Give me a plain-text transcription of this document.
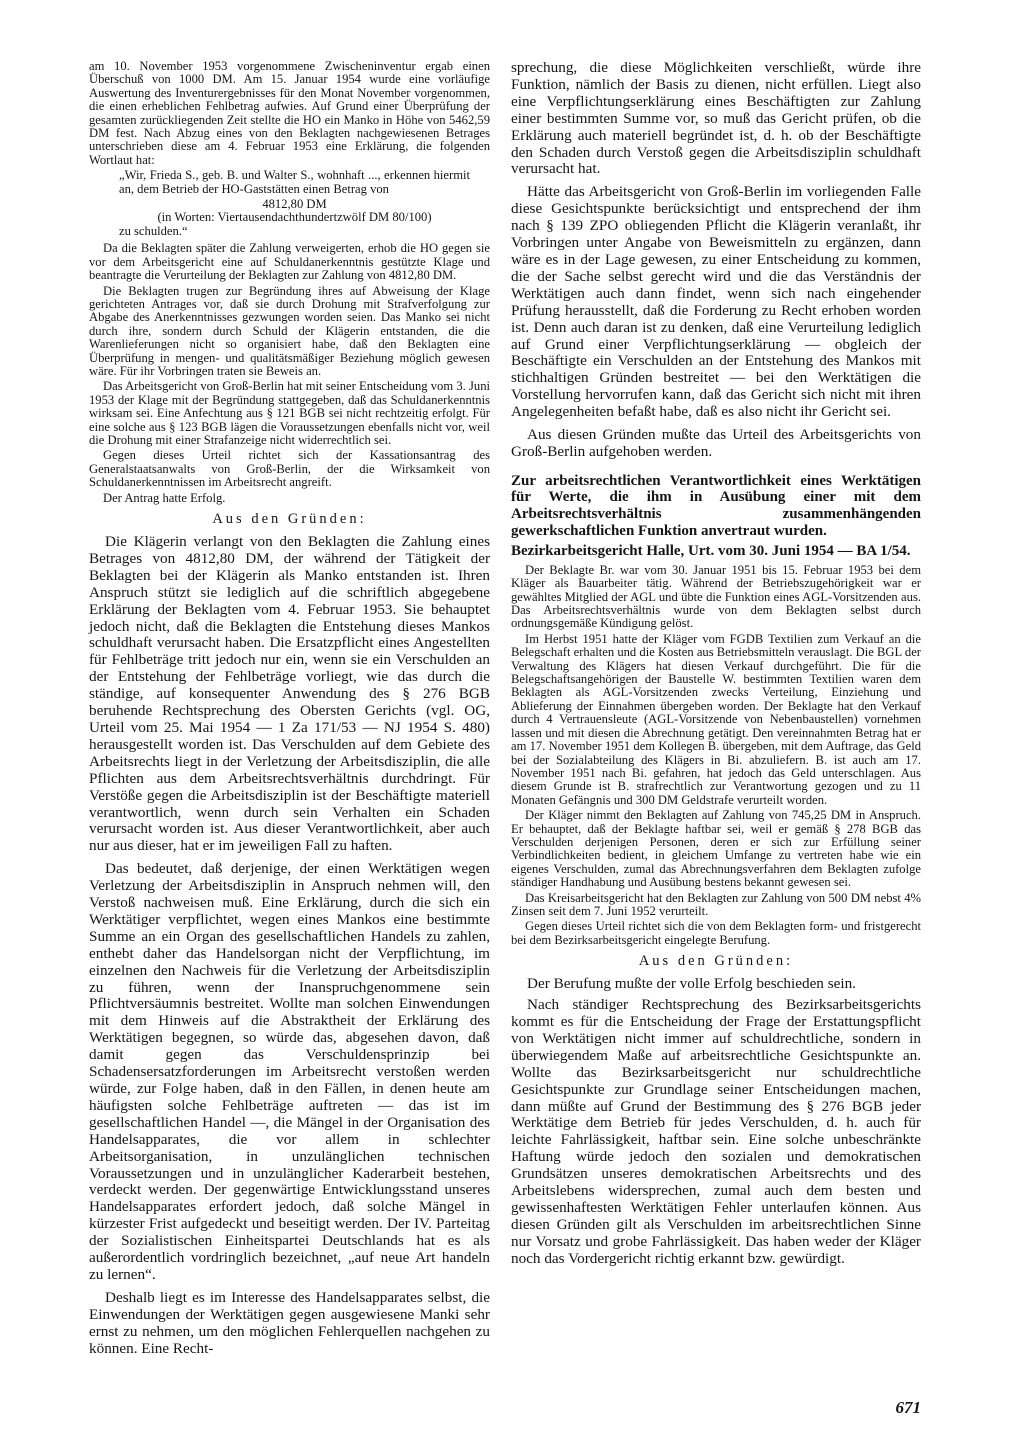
am 10. November 1953 vorgenommene Zwischeninventur ergab einen Überschuß von 1000 DM. Am 15. Januar 1954 wurde eine vorläufige Auswertung des Inventurergebnisses für den Monat November vorgenommen, die einen erheblichen Fehlbetrag aufwies. Auf Grund einer Überprüfung der gesamten zurückliegenden Zeit stellte die HO ein Manko in Höhe von 5462,59 DM fest. Nach Abzug eines von den Beklagten nachgewiesenen Betrages unterschrieben diese am 4. Februar 1953 eine Erklärung, die folgenden Wortlaut hat:

„Wir, Frieda S., geb. B. und Walter S., wohnhaft ..., erkennen hiermit an, dem Betrieb der HO-Gaststätten einen Betrag von
4812,80 DM
(in Worten: Viertausendachthundertzwölf DM 80/100)
zu schulden.“

Da die Beklagten später die Zahlung verweigerten, erhob die HO gegen sie vor dem Arbeitsgericht eine auf Schuldanerkenntnis gestützte Klage und beantragte die Verurteilung der Beklagten zur Zahlung von 4812,80 DM.

Die Beklagten trugen zur Begründung ihres auf Abweisung der Klage gerichteten Antrages vor, daß sie durch Drohung mit Strafverfolgung zur Abgabe des Anerkenntnisses gezwungen worden seien. Das Manko sei nicht durch ihre, sondern durch Schuld der Klägerin entstanden, die die Warenlieferungen nicht so organisiert habe, daß den Beklagten eine Überprüfung in mengen- und qualitätsmäßiger Beziehung möglich gewesen wäre. Für ihr Vorbringen traten sie Beweis an.

Das Arbeitsgericht von Groß-Berlin hat mit seiner Entscheidung vom 3. Juni 1953 der Klage mit der Begründung stattgegeben, daß das Schuldanerkenntnis wirksam sei. Eine Anfechtung aus § 121 BGB sei nicht rechtzeitig erfolgt. Für eine solche aus § 123 BGB lägen die Voraussetzungen ebenfalls nicht vor, weil die Drohung mit einer Strafanzeige nicht widerrechtlich sei.

Gegen dieses Urteil richtet sich der Kassationsantrag des Generalstaatsanwalts von Groß-Berlin, der die Wirksamkeit von Schuldanerkenntnissen im Arbeitsrecht angreift.

Der Antrag hatte Erfolg.

Aus den Gründen:

Die Klägerin verlangt von den Beklagten die Zahlung eines Betrages von 4812,80 DM, der während der Tätigkeit der Beklagten bei der Klägerin als Manko entstanden ist. Ihren Anspruch stützt sie lediglich auf die schriftlich abgegebene Erklärung der Beklagten vom 4. Februar 1953. Sie behauptet jedoch nicht, daß die Beklagten die Entstehung dieses Mankos schuldhaft verursacht haben. Die Ersatzpflicht eines Angestellten für Fehlbeträge tritt jedoch nur ein, wenn sie ein Verschulden an der Entstehung der Fehlbeträge vorliegt, wie das durch die ständige, auf konsequenter Anwendung des § 276 BGB beruhende Rechtsprechung des Obersten Gerichts (vgl. OG, Urteil vom 25. Mai 1954 — 1 Za 171/53 — NJ 1954 S. 480) herausgestellt worden ist. Das Verschulden auf dem Gebiete des Arbeitsrechts liegt in der Verletzung der Arbeitsdisziplin, die alle Pflichten aus dem Arbeitsrechtsverhältnis durchdringt. Für Verstöße gegen die Arbeitsdisziplin ist der Beschäftigte materiell verantwortlich, wenn durch sein Verhalten ein Schaden verursacht worden ist. Aus dieser Verantwortlichkeit, aber auch nur aus dieser, hat er im jeweiligen Fall zu haften.

Das bedeutet, daß derjenige, der einen Werktätigen wegen Verletzung der Arbeitsdisziplin in Anspruch nehmen will, den Verstoß nachweisen muß. Eine Erklärung, durch die sich ein Werktätiger verpflichtet, wegen eines Mankos eine bestimmte Summe an ein Organ des gesellschaftlichen Handels zu zahlen, enthebt daher das Handelsorgan nicht der Verpflichtung, im einzelnen den Nachweis für die Verletzung der Arbeitsdisziplin zu führen, wenn der Inanspruchgenommene sein Pflichtversäumnis bestreitet. Wollte man solchen Einwendungen mit dem Hinweis auf die Abstraktheit der Erklärung des Werktätigen begegnen, so würde das, abgesehen davon, daß damit gegen das Verschuldensprinzip bei Schadensersatzforderungen im Arbeitsrecht verstoßen werden würde, zur Folge haben, daß in den Fällen, in denen heute am häufigsten solche Fehlbeträge auftreten — das ist im gesellschaftlichen Handel —, die Mängel in der Organisation des Handelsapparates, die vor allem in schlechter Arbeitsorganisation, in unzulänglichen technischen Voraussetzungen und in unzulänglicher Kaderarbeit bestehen, verdeckt werden. Der gegenwärtige Entwicklungsstand unseres Handelsapparates erfordert jedoch, daß solche Mängel in kürzester Frist aufgedeckt und beseitigt werden. Der IV. Parteitag der Sozialistischen Einheitspartei Deutschlands hat es als außerordentlich vordringlich bezeichnet, „auf neue Art handeln zu lernen“.

Deshalb liegt es im Interesse des Handelsapparates selbst, die Einwendungen der Werktätigen gegen ausgewiesene Manki sehr ernst zu nehmen, um den möglichen Fehlerquellen nachgehen zu können. Eine Recht-

sprechung, die diese Möglichkeiten verschließt, würde ihre Funktion, nämlich der Basis zu dienen, nicht erfüllen. Liegt also eine Verpflichtungserklärung eines Beschäftigten zur Zahlung einer bestimmten Summe vor, so muß das Gericht prüfen, ob die Erklärung auch materiell begründet ist, d. h. ob der Beschäftigte den Schaden durch Verstoß gegen die Arbeitsdisziplin schuldhaft verursacht hat.

Hätte das Arbeitsgericht von Groß-Berlin im vorliegenden Falle diese Gesichtspunkte berücksichtigt und entsprechend der ihm nach § 139 ZPO obliegenden Pflicht die Klägerin veranlaßt, ihr Vorbringen unter Angabe von Beweismitteln zu ergänzen, dann wäre es in der Lage gewesen, zu einer Entscheidung zu kommen, die der Sache selbst gerecht wird und die das Verständnis der Werktätigen auch dann findet, wenn sich nach eingehender Prüfung herausstellt, daß die Forderung zu Recht erhoben worden ist. Denn auch daran ist zu denken, daß eine Verurteilung lediglich auf Grund einer Verpflichtungserklärung — obgleich der Beschäftigte ein Verschulden an der Entstehung des Mankos mit stichhaltigen Gründen bestreitet — bei den Werktätigen die Vorstellung hervorrufen kann, daß das Gericht sich nicht mit ihren Angelegenheiten befaßt habe, daß es also nicht ihr Gericht sei.

Aus diesen Gründen mußte das Urteil des Arbeitsgerichts von Groß-Berlin aufgehoben werden.

Zur arbeitsrechtlichen Verantwortlichkeit eines Werktätigen für Werte, die ihm in Ausübung einer mit dem Arbeitsrechtsverhältnis zusammenhängenden gewerkschaftlichen Funktion anvertraut wurden.
Bezirkarbeitsgericht Halle, Urt. vom 30. Juni 1954 — BA 1/54.

Der Beklagte Br. war vom 30. Januar 1951 bis 15. Februar 1953 bei dem Kläger als Bauarbeiter tätig. Während der Betriebszugehörigkeit war er gewähltes Mitglied der AGL und übte die Funktion eines AGL-Vorsitzenden aus. Das Arbeitsrechtsverhältnis wurde von dem Beklagten selbst durch ordnungsgemäße Kündigung gelöst.

Im Herbst 1951 hatte der Kläger vom FGDB Textilien zum Verkauf an die Belegschaft erhalten und die Kosten aus Betriebsmitteln verauslagt. Die BGL der Verwaltung des Klägers hat diesen Verkauf durchgeführt. Die für die Belegschaftsangehörigen der Baustelle W. bestimmten Textilien waren dem Beklagten als AGL-Vorsitzenden zwecks Verteilung, Einziehung und Ablieferung der Einnahmen übergeben worden. Der Beklagte hat den Verkauf durch 4 Vertrauensleute (AGL-Vorsitzende von Nebenbaustellen) vornehmen lassen und mit diesen die Abrechnung getätigt. Den vereinnahmten Betrag hat er am 17. November 1951 dem Kollegen B. übergeben, mit dem Auftrage, das Geld bei der Sozialabteilung des Klägers in Bi. abzuliefern. B. ist auch am 17. November 1951 nach Bi. gefahren, hat jedoch das Geld unterschlagen. Aus diesem Grunde ist B. strafrechtlich zur Verantwortung gezogen und zu 11 Monaten Gefängnis und 300 DM Geldstrafe verurteilt worden.

Der Kläger nimmt den Beklagten auf Zahlung von 745,25 DM in Anspruch. Er behauptet, daß der Beklagte haftbar sei, weil er gemäß § 278 BGB das Verschulden derjenigen Personen, deren er sich zur Erfüllung seiner Verbindlichkeiten bedient, in gleichem Umfange zu vertreten habe wie ein eigenes Verschulden, zumal das Abrechnungsverfahren dem Beklagten zufolge ständiger Handhabung und Ausübung bestens bekannt gewesen sei.

Das Kreisarbeitsgericht hat den Beklagten zur Zahlung von 500 DM nebst 4% Zinsen seit dem 7. Juni 1952 verurteilt.

Gegen dieses Urteil richtet sich die von dem Beklagten form- und fristgerecht bei dem Bezirksarbeitsgericht eingelegte Berufung.

Aus den Gründen:

Der Berufung mußte der volle Erfolg beschieden sein.

Nach ständiger Rechtsprechung des Bezirksarbeitsgerichts kommt es für die Entscheidung der Frage der Erstattungspflicht von Werktätigen nicht immer auf schuldrechtliche, sondern in überwiegendem Maße auf arbeitsrechtliche Gesichtspunkte an. Wollte das Bezirksarbeitsgericht nur schuldrechtliche Gesichtspunkte zur Grundlage seiner Entscheidungen machen, dann müßte auf Grund der Bestimmung des § 276 BGB jeder Werktätige dem Betrieb für jedes Verschulden, d. h. auch für leichte Fahrlässigkeit, haftbar sein. Eine solche unbeschränkte Haftung würde jedoch den sozialen und demokratischen Grundsätzen unseres demokratischen Arbeitsrechts und des Arbeitslebens widersprechen, zumal auch dem besten und gewissenhaftesten Werktätigen Fehler unterlaufen können. Aus diesen Gründen gilt als Verschulden im arbeitsrechtlichen Sinne nur Vorsatz und grobe Fahrlässigkeit. Das haben weder der Kläger noch das Vordergericht richtig erkannt bzw. gewürdigt.

671
